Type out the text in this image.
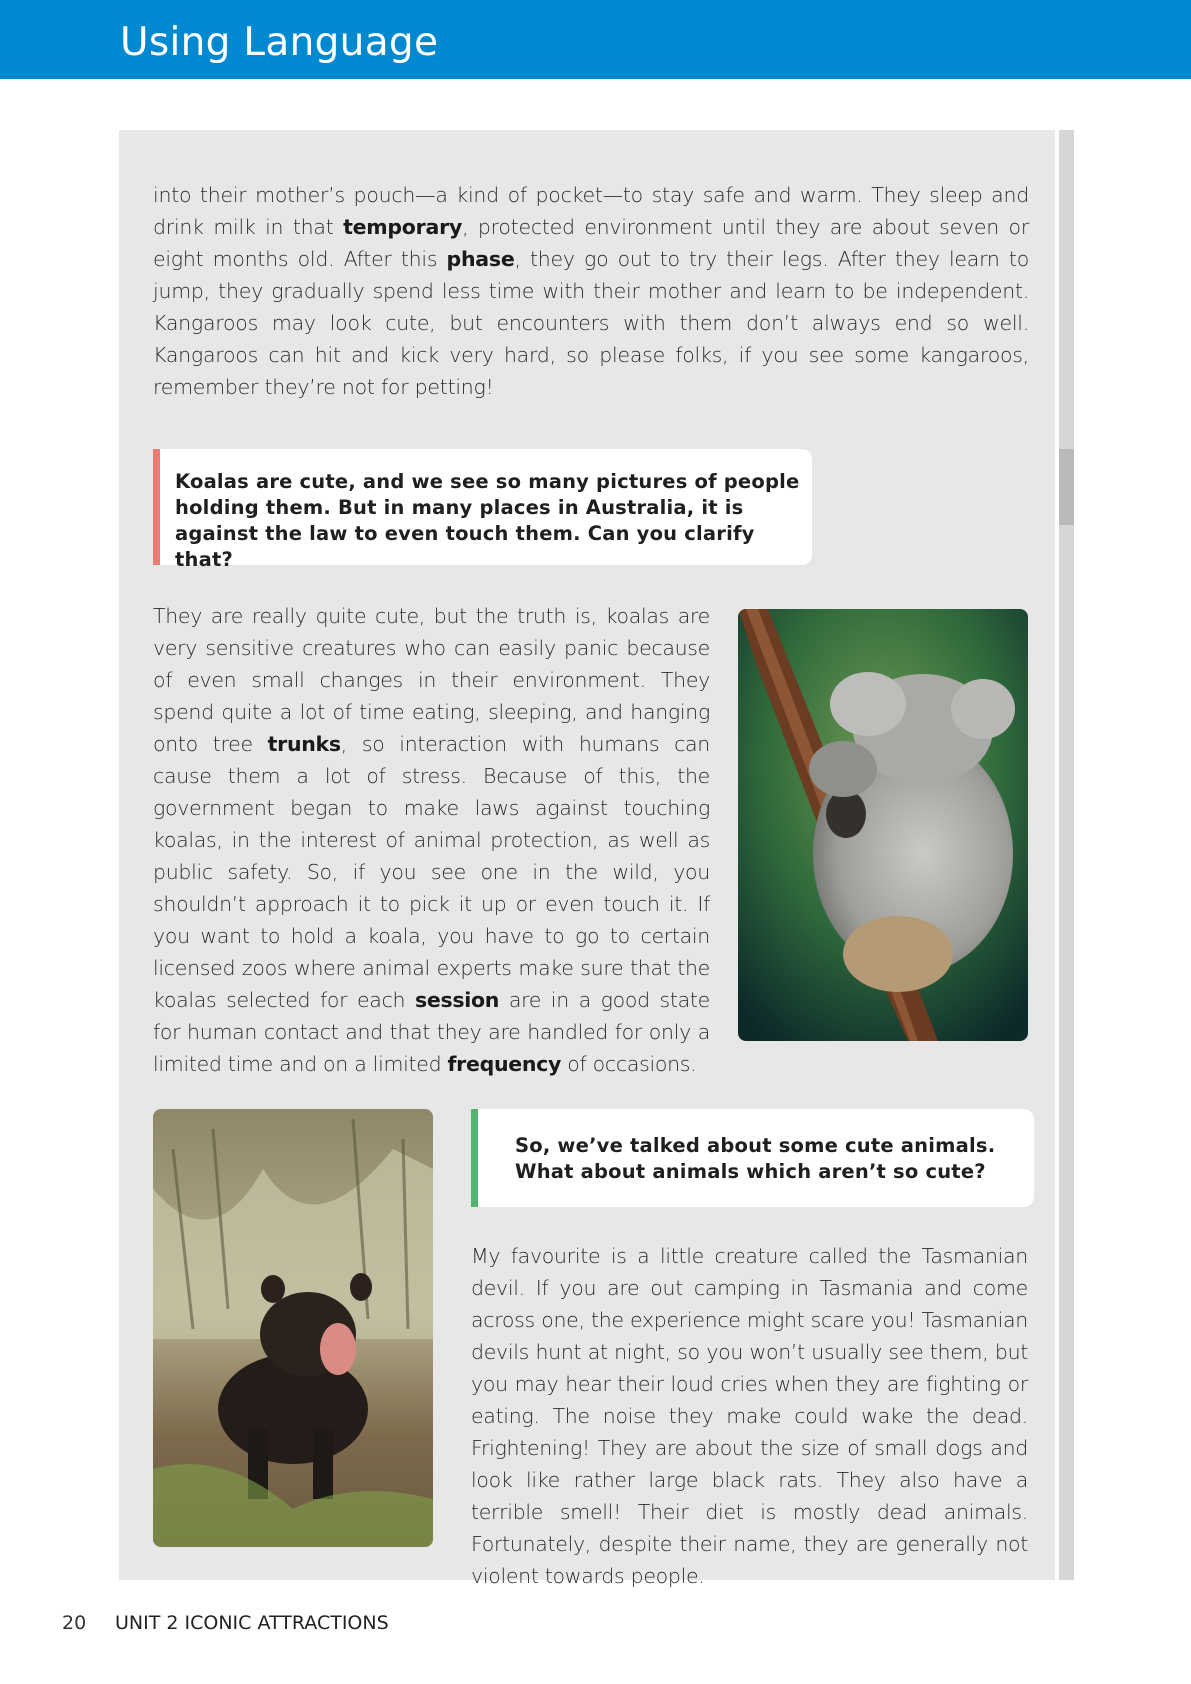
Using Language

into their mother’s pouch—a kind of pocket—to stay safe and warm. They sleep and drink milk in that temporary, protected environment until they are about seven or eight months old. After this phase, they go out to try their legs. After they learn to jump, they gradually spend less time with their mother and learn to be independent. Kangaroos may look cute, but encounters with them don’t always end so well. Kangaroos can hit and kick very hard, so please folks, if you see some kangaroos, remember they’re not for petting!

Koalas are cute, and we see so many pictures of people holding them. But in many places in Australia, it is against the law to even touch them. Can you clarify that?

They are really quite cute, but the truth is, koalas are very sensitive creatures who can easily panic because of even small changes in their environment. They spend quite a lot of time eating, sleeping, and hanging onto tree trunks, so interaction with humans can cause them a lot of stress. Because of this, the government began to make laws against touching koalas, in the interest of animal protection, as well as public safety. So, if you see one in the wild, you shouldn’t approach it to pick it up or even touch it. If you want to hold a koala, you have to go to certain licensed zoos where animal experts make sure that the koalas selected for each session are in a good state for human contact and that they are handled for only a limited time and on a limited frequency of occasions.

So, we’ve talked about some cute animals. What about animals which aren’t so cute?

My favourite is a little creature called the Tasmanian devil. If you are out camping in Tasmania and come across one, the experience might scare you! Tasmanian devils hunt at night, so you won’t usually see them, but you may hear their loud cries when they are fighting or eating. The noise they make could wake the dead. Frightening! They are about the size of small dogs and look like rather large black rats. They also have a terrible smell! Their diet is mostly dead animals. Fortunately, despite their name, they are generally not violent towards people.

20 UNIT 2 ICONIC ATTRACTIONS
